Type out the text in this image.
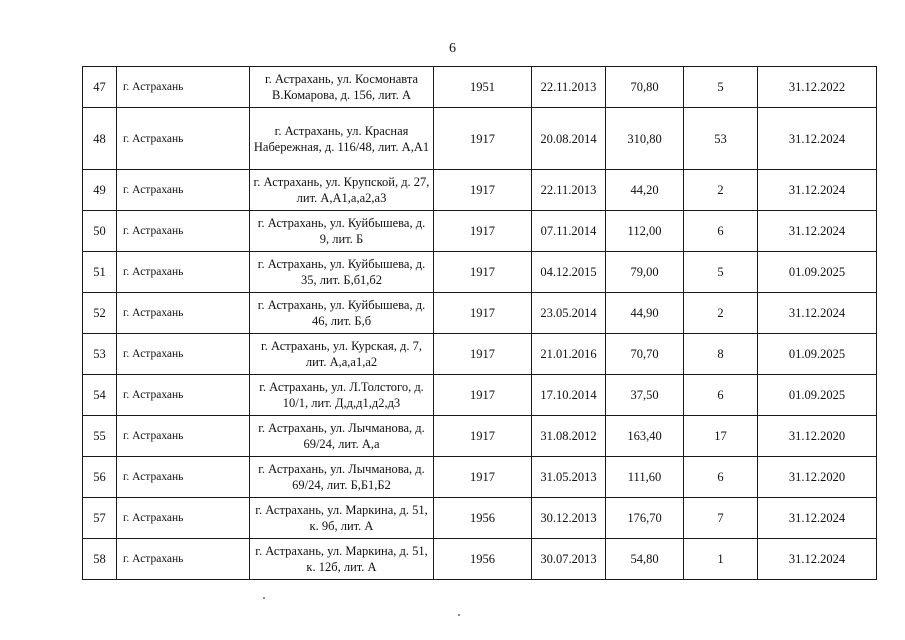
6
47	г. Астрахань	г. Астрахань, ул. Космонавта В.Комарова, д. 156, лит. А	1951	22.11.2013	70,80	5	31.12.2022
48	г. Астрахань	г. Астрахань, ул. Красная Набережная, д. 116/48, лит. А,А1	1917	20.08.2014	310,80	53	31.12.2024
49	г. Астрахань	г. Астрахань, ул. Крупской, д. 27, лит. А,А1,а,а2,а3	1917	22.11.2013	44,20	2	31.12.2024
50	г. Астрахань	г. Астрахань, ул. Куйбышева, д. 9, лит. Б	1917	07.11.2014	112,00	6	31.12.2024
51	г. Астрахань	г. Астрахань, ул. Куйбышева, д. 35, лит. Б,б1,б2	1917	04.12.2015	79,00	5	01.09.2025
52	г. Астрахань	г. Астрахань, ул. Куйбышева, д. 46, лит. Б,б	1917	23.05.2014	44,90	2	31.12.2024
53	г. Астрахань	г. Астрахань, ул. Курская, д. 7, лит. А,а,а1,а2	1917	21.01.2016	70,70	8	01.09.2025
54	г. Астрахань	г. Астрахань, ул. Л.Толстого, д. 10/1, лит. Д,д,д1,д2,д3	1917	17.10.2014	37,50	6	01.09.2025
55	г. Астрахань	г. Астрахань, ул. Лычманова, д. 69/24, лит. А,а	1917	31.08.2012	163,40	17	31.12.2020
56	г. Астрахань	г. Астрахань, ул. Лычманова, д. 69/24, лит. Б,Б1,Б2	1917	31.05.2013	111,60	6	31.12.2020
57	г. Астрахань	г. Астрахань, ул. Маркина, д. 51, к. 9б, лит. А	1956	30.12.2013	176,70	7	31.12.2024
58	г. Астрахань	г. Астрахань, ул. Маркина, д. 51, к. 12б, лит. А	1956	30.07.2013	54,80	1	31.12.2024
